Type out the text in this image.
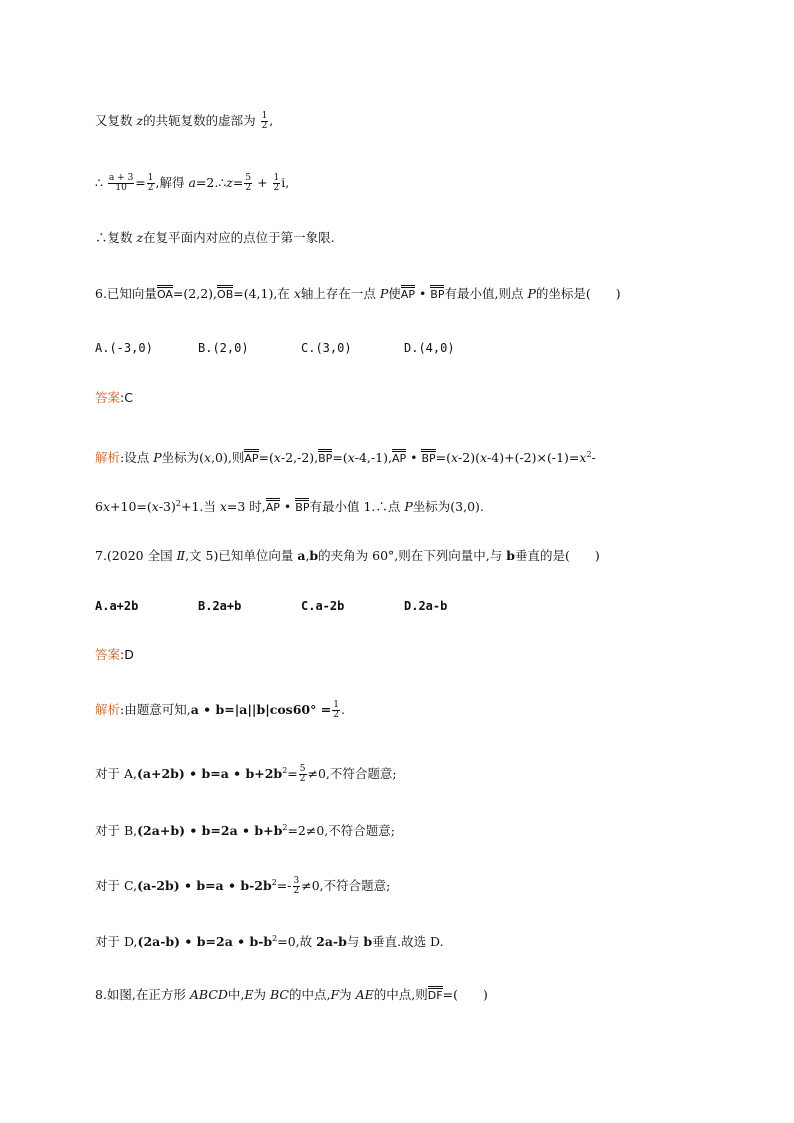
又复数 z的共轭复数的虚部为 $\frac{1}{2}$ ,
∴ $\frac{a + 3}{10} = \frac{1}{2}$ ,解得 a=2.∴z= $\frac{5}{2} + \frac{1}{2} i$,
∴复数 z在复平面内对应的点位于第一象限.
6.已知向量OA=(2,2),OB=(4,1),在 x轴上存在一点 P使AP • BP有最小值,则点 P的坐标是(　　)
A.(-3,0)	B.(2,0)	C.(3,0)	D.(4,0)
答案:C
解析:设点 P坐标为(x,0),则AP=(x-2,-2),BP=(x-4,-1),AP • $BP=(x-2)(x-4)+(-2)\times(-1)=x^2-$
$6x+10=(x-3)^2+1$.当 x=3 时,AP • BP有最小值 1.∴点 P坐标为(3,0).
7.(2020 全国 Ⅱ,文 5)已知单位向量 a,b的夹角为 60°,则在下列向量中,与 b垂直的是(　　)
A.a+2b	B.2a+b	C.a-2b	D.2a-b
答案:D
解析:由题意可知,a • $b=|a||b|\cos 60^\circ = \frac{1}{2}$ .
对于 A,(a+2b) • b=a • $b+2b^2= \frac{5}{2} \ne 0$,不符合题意;
对于 B,(2a+b) • b=2a • $b+b^2=2\ne 0$,不符合题意;
对于 C,(a-2b) • b=a • $b-2b^2=- \frac{3}{2} \ne 0$,不符合题意;
对于 D,(2a-b) • b=2a • $b-b^2=0$,故 2a-b与 b垂直.故选 D.
8.如图,在正方形 ABCD中,E为 BC的中点,F为 AE的中点,则DF=(　　)
